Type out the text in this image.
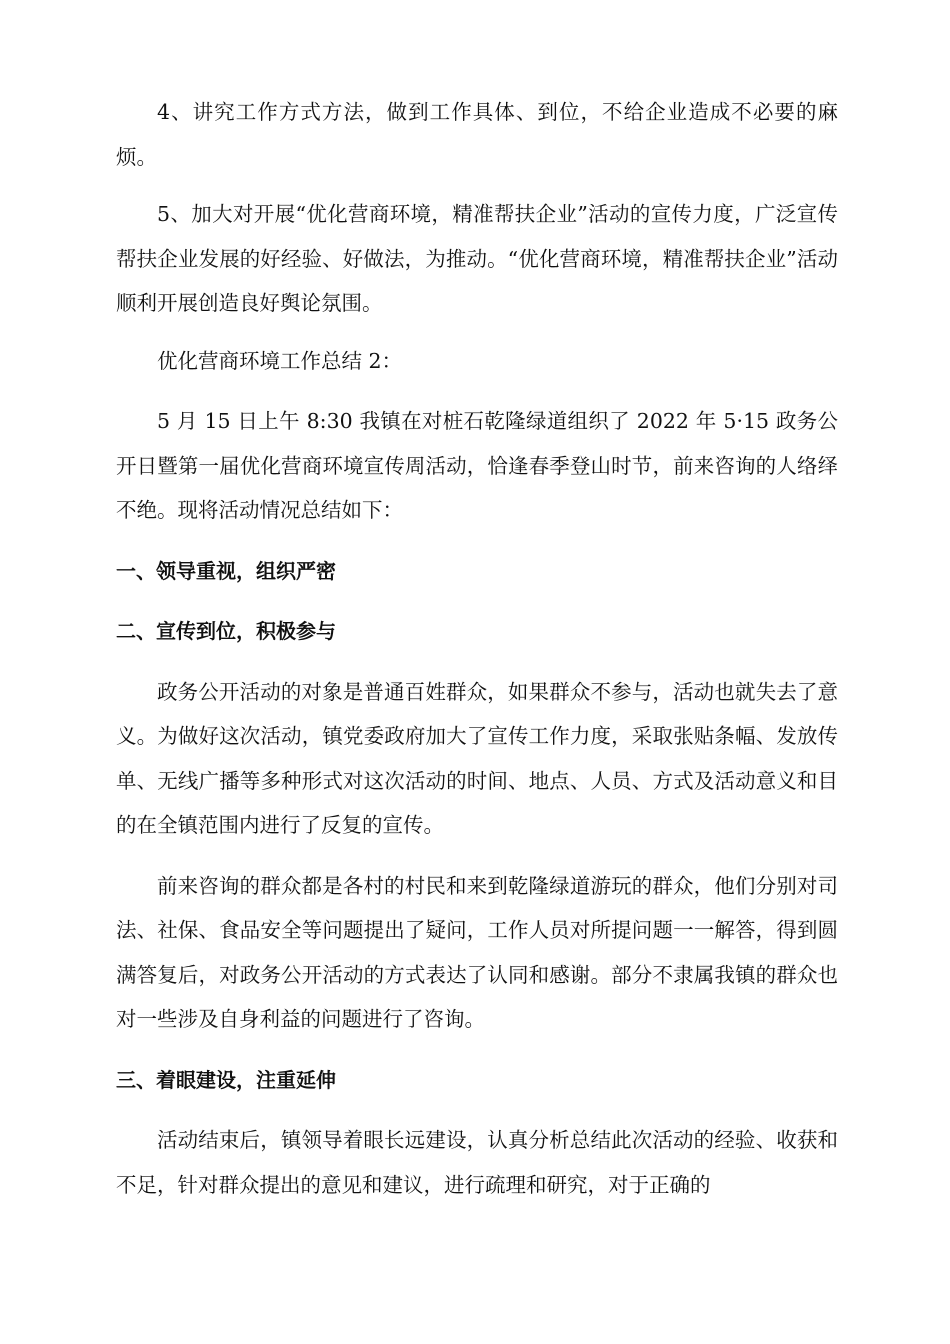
4、讲究工作方式方法，做到工作具体、到位，不给企业造成不必要的麻烦。

5、加大对开展“优化营商环境，精准帮扶企业”活动的宣传力度，广泛宣传帮扶企业发展的好经验、好做法，为推动。“优化营商环境，精准帮扶企业”活动顺利开展创造良好舆论氛围。

优化营商环境工作总结 2：

5 月 15 日上午 8:30 我镇在对桩石乾隆绿道组织了 2022 年 5·15 政务公开日暨第一届优化营商环境宣传周活动，恰逢春季登山时节，前来咨询的人络绎不绝。现将活动情况总结如下：

一、领导重视，组织严密

二、宣传到位，积极参与

政务公开活动的对象是普通百姓群众，如果群众不参与，活动也就失去了意义。为做好这次活动，镇党委政府加大了宣传工作力度，采取张贴条幅、发放传单、无线广播等多种形式对这次活动的时间、地点、人员、方式及活动意义和目的在全镇范围内进行了反复的宣传。

前来咨询的群众都是各村的村民和来到乾隆绿道游玩的群众，他们分别对司法、社保、食品安全等问题提出了疑问，工作人员对所提问题一一解答，得到圆满答复后，对政务公开活动的方式表达了认同和感谢。部分不隶属我镇的群众也对一些涉及自身利益的问题进行了咨询。

三、着眼建设，注重延伸

活动结束后，镇领导着眼长远建设，认真分析总结此次活动的经验、收获和不足，针对群众提出的意见和建议，进行疏理和研究，对于正确的
